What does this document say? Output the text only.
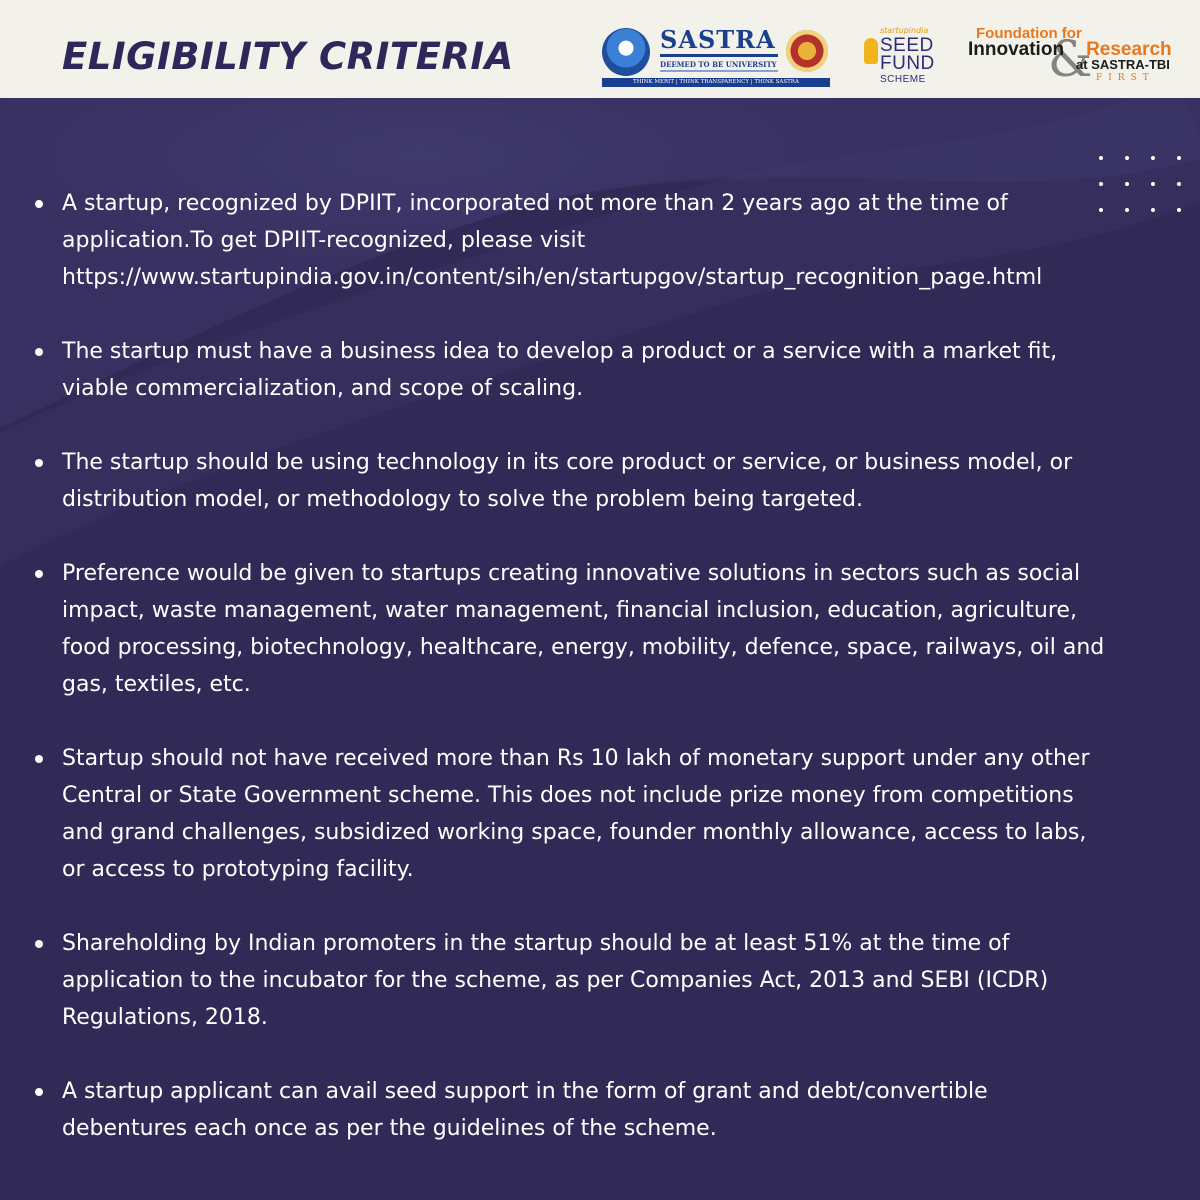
ELIGIBILITY CRITERIA	SASTRA
DEEMED TO BE UNIVERSITY
THINK MERIT | THINK TRANSPARENCY | THINK SASTRA
startupindia
SEED
FUND
SCHEME &
Foundation for
Innovation Research
at SASTRA-TBI
FIRST
A startup, recognized by DPIIT, incorporated not more than 2 years ago at the time of application.To get DPIIT-recognized, please visit https://www.startupindia.gov.in/content/sih/en/startupgov/startup_recognition_page.html
The startup must have a business idea to develop a product or a service with a market fit, viable commercialization, and scope of scaling.
The startup should be using technology in its core product or service, or business model, or distribution model, or methodology to solve the problem being targeted.
Preference would be given to startups creating innovative solutions in sectors such as social impact, waste management, water management, financial inclusion, education, agriculture, food processing, biotechnology, healthcare, energy, mobility, defence, space, railways, oil and gas, textiles, etc.
Startup should not have received more than Rs 10 lakh of monetary support under any other Central or State Government scheme. This does not include prize money from competitions and grand challenges, subsidized working space, founder monthly allowance, access to labs, or access to prototyping facility.
Shareholding by Indian promoters in the startup should be at least 51% at the time of application to the incubator for the scheme, as per Companies Act, 2013 and SEBI (ICDR) Regulations, 2018.
A startup applicant can avail seed support in the form of grant and debt/convertible debentures each once as per the guidelines of the scheme.
